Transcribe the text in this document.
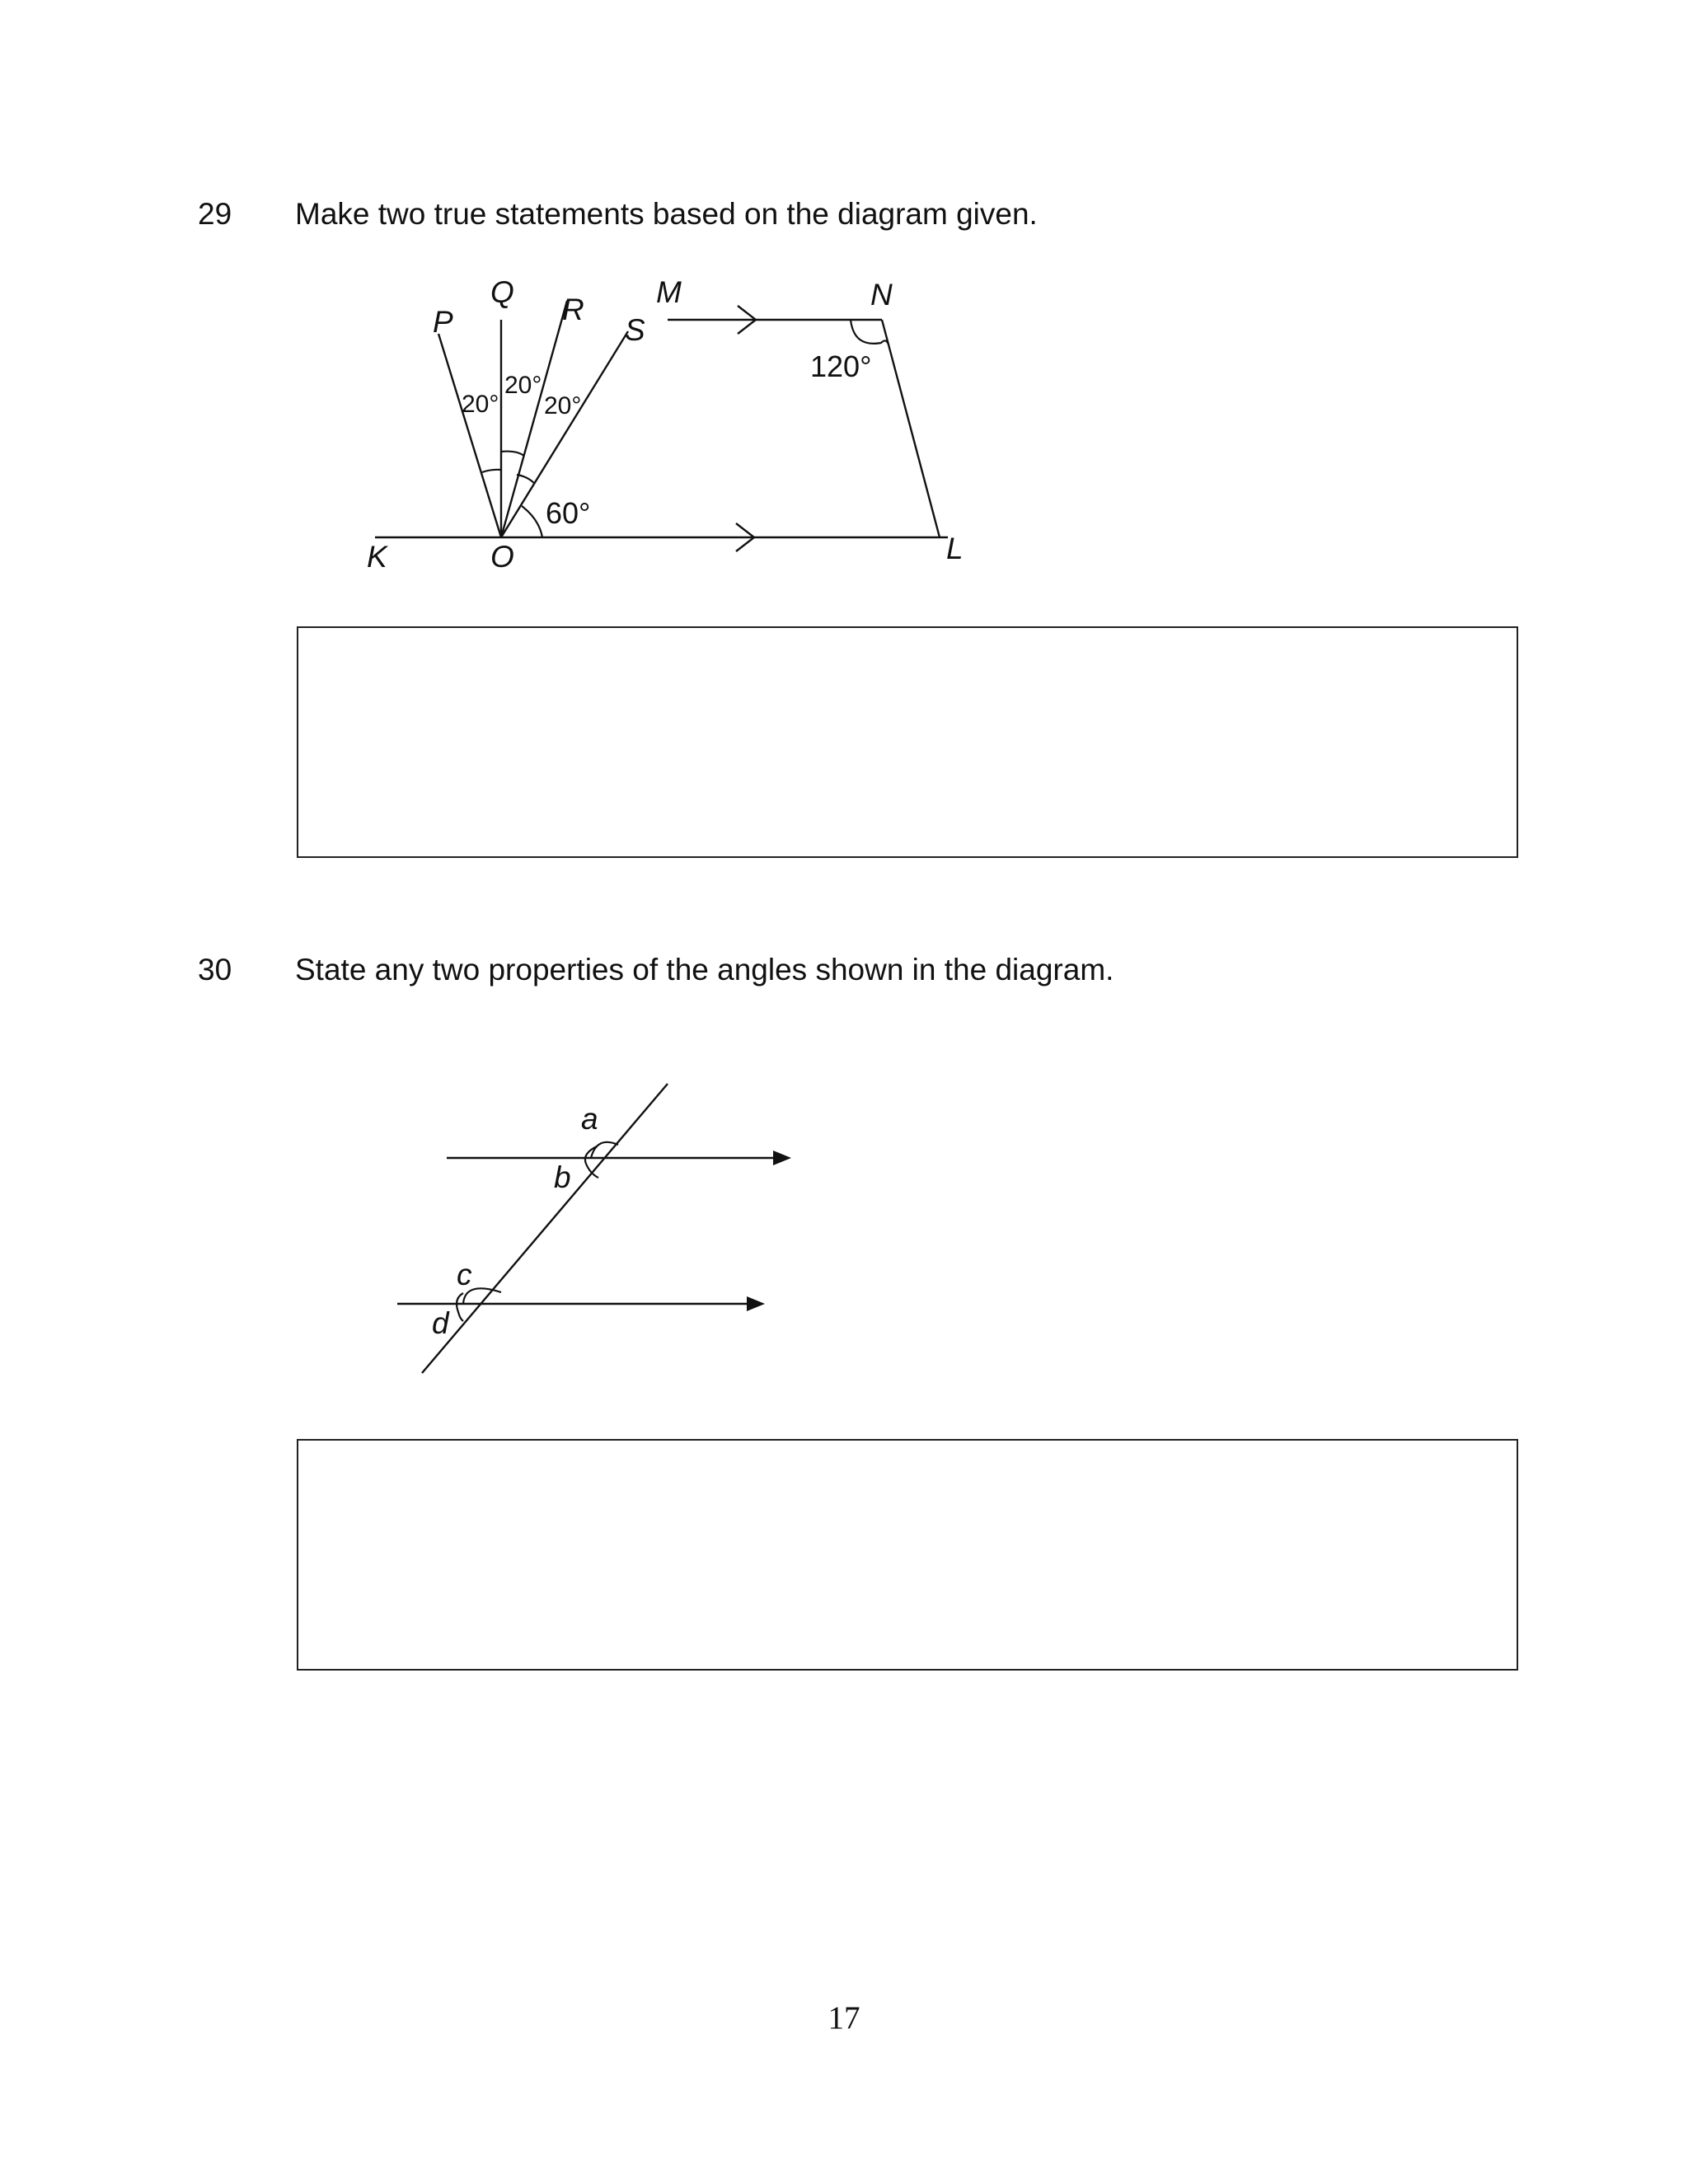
29 Make two true statements based on the diagram given.
Q
P	R
S
M	N
K	O	L
20°
20°
20°
60°
120°
30 State any two properties of the angles shown in the diagram.
a
b
c
d
17
